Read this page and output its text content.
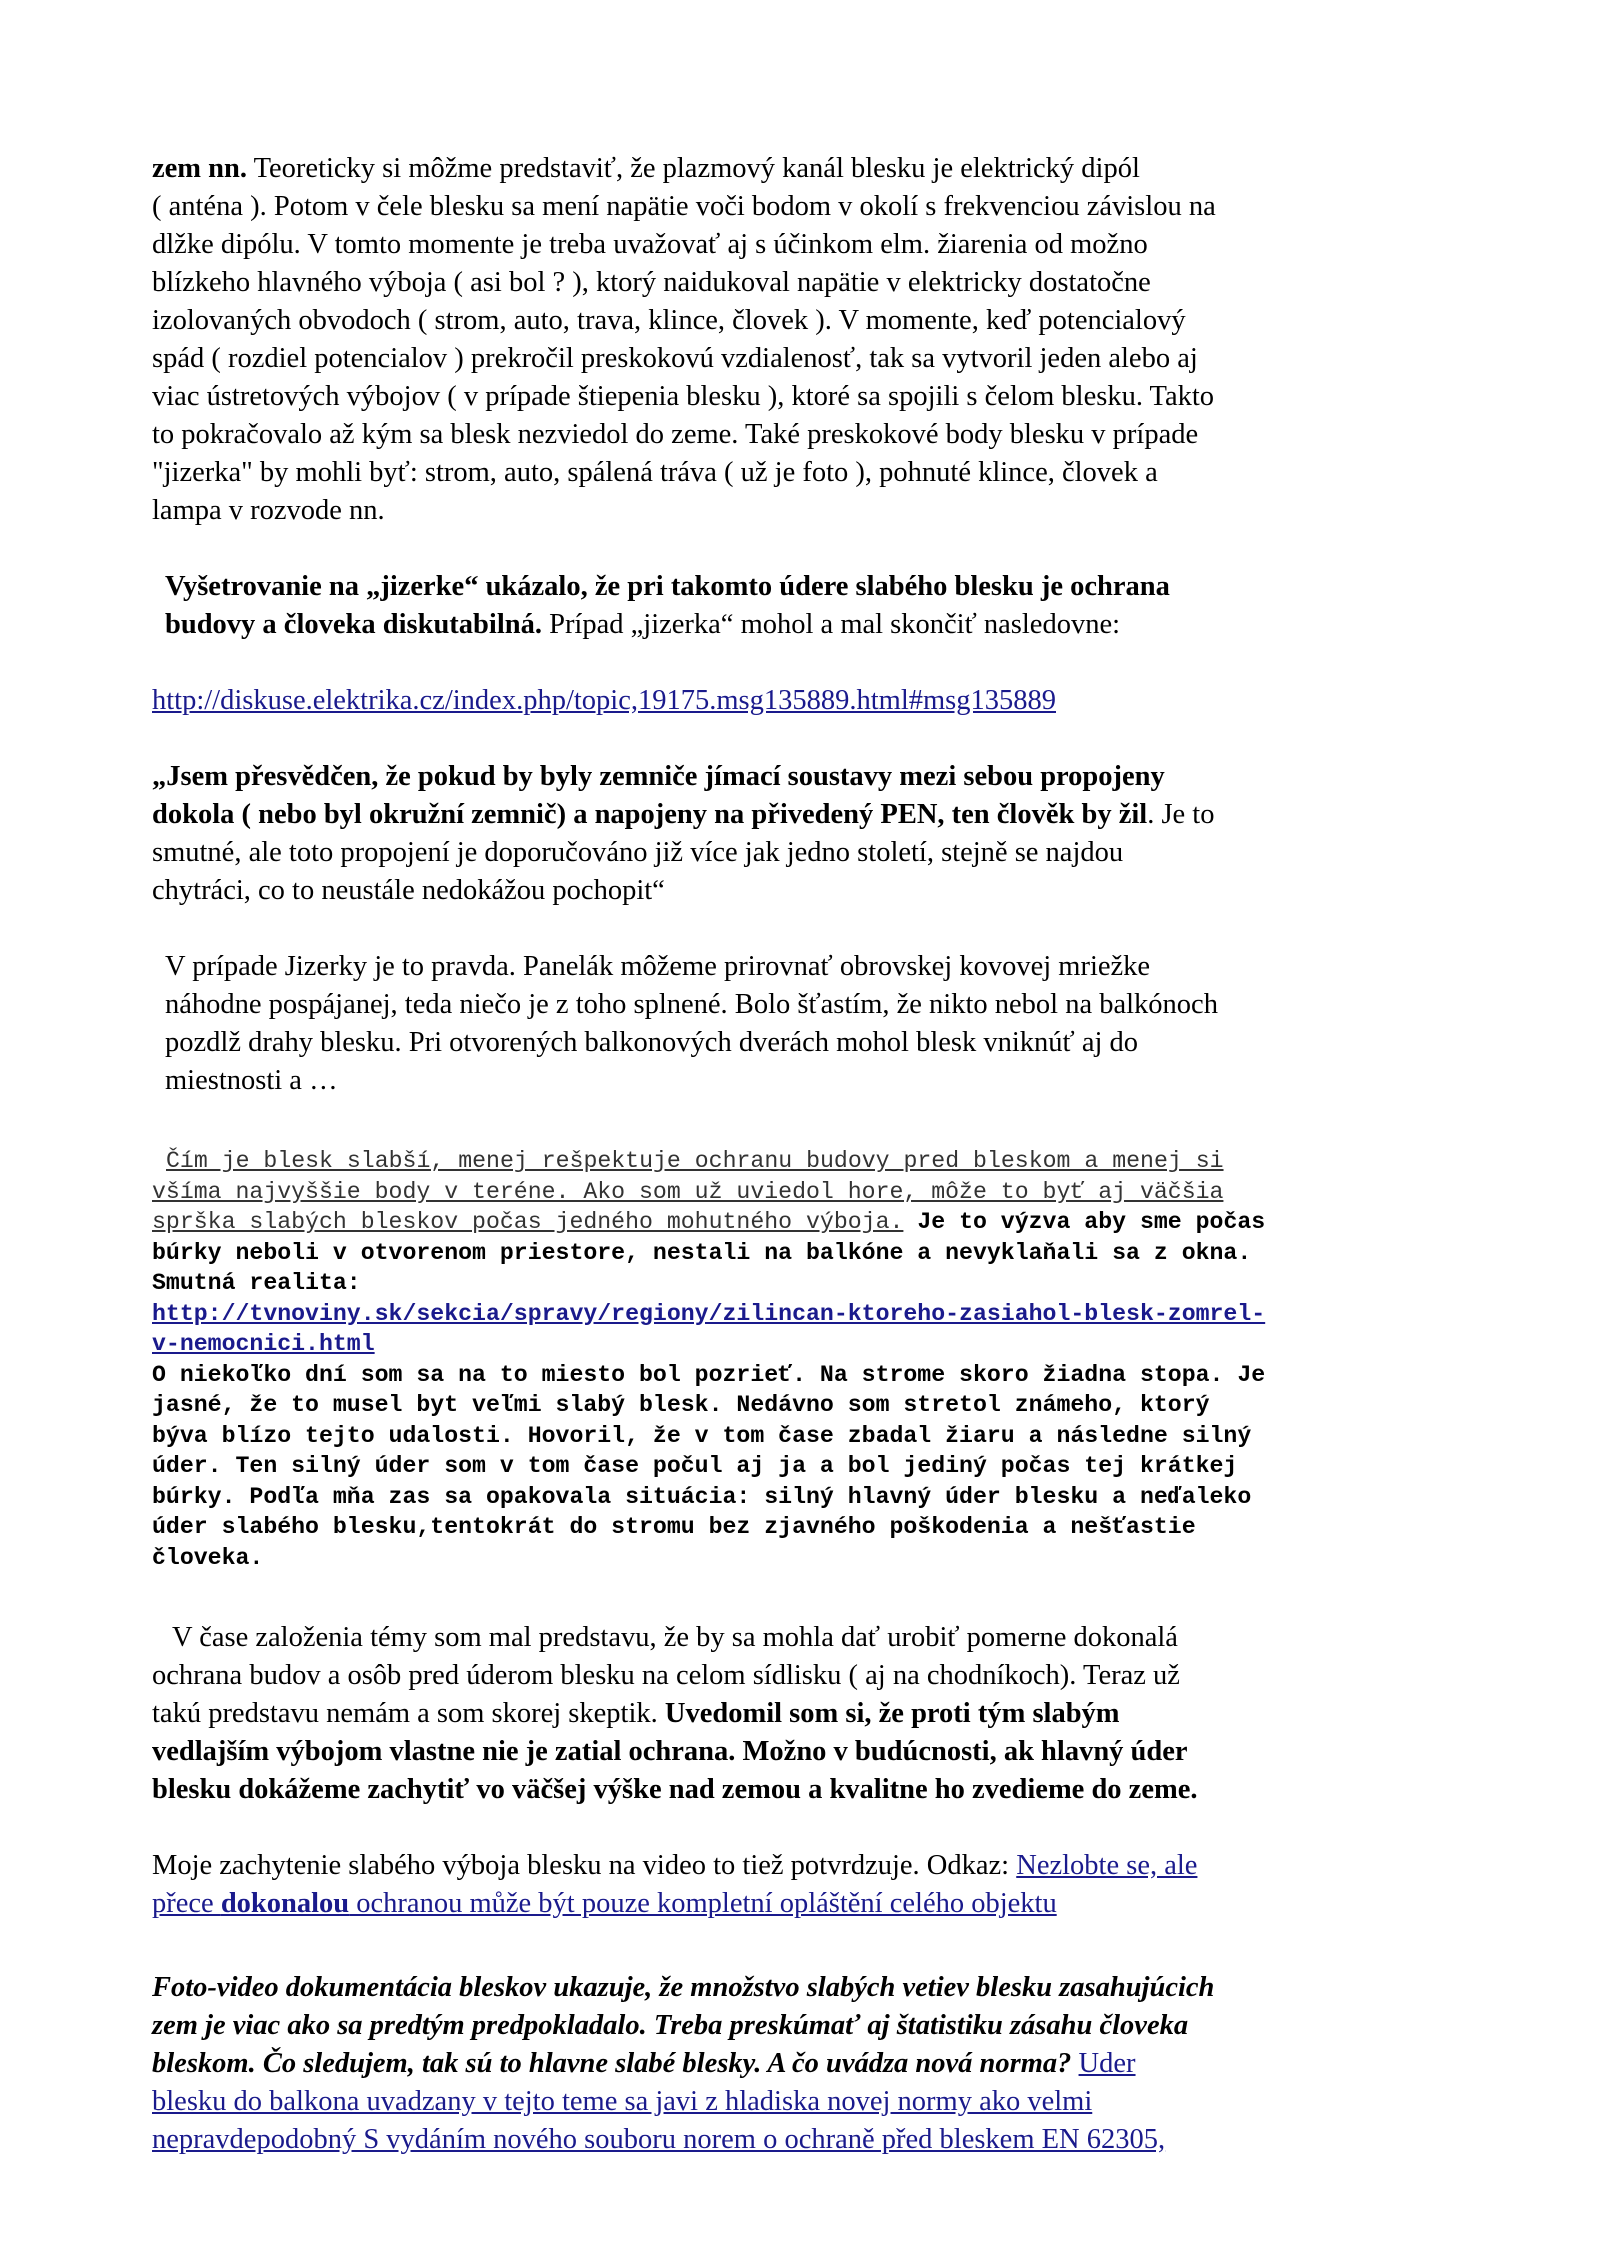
zem nn. Teoreticky si môžme predstaviť, že plazmový kanál blesku je elektrický dipól
( anténa ). Potom v čele blesku sa mení napätie voči bodom v okolí s frekvenciou závislou na
dlžke dipólu. V tomto momente je treba uvažovať aj s účinkom elm. žiarenia od možno
blízkeho hlavného výboja ( asi bol ? ), ktorý naidukoval napätie v elektricky dostatočne
izolovaných obvodoch ( strom, auto, trava, klince, človek ). V momente, keď potencialový
spád ( rozdiel potencialov ) prekročil preskokovú vzdialenosť, tak sa vytvoril jeden alebo aj
viac ústretových výbojov ( v prípade štiepenia blesku ), ktoré sa spojili s čelom blesku. Takto
to pokračovalo až kým sa blesk nezviedol do zeme. Také preskokové body blesku v prípade
"jizerka" by mohli byť: strom, auto, spálená tráva ( už je foto ), pohnuté klince, človek a
lampa v rozvode nn.

Vyšetrovanie na „jizerke“ ukázalo, že pri takomto údere slabého blesku je ochrana
budovy a človeka diskutabilná. Prípad „jizerka“ mohol a mal skončiť nasledovne:

http://diskuse.elektrika.cz/index.php/topic,19175.msg135889.html#msg135889

„Jsem přesvědčen, že pokud by byly zemniče jímací soustavy mezi sebou propojeny
dokola ( nebo byl okružní zemnič) a napojeny na přivedený PEN, ten člověk by žil. Je to
smutné, ale toto propojení je doporučováno již více jak jedno století, stejně se najdou
chytráci, co to neustále nedokážou pochopit“

V prípade Jizerky je to pravda. Panelák môžeme prirovnať obrovskej kovovej mriežke
náhodne pospájanej, teda niečo je z toho splnené. Bolo šťastím, že nikto nebol na balkónoch
pozdlž drahy blesku. Pri otvorených balkonových dverách mohol blesk vniknúť aj do
miestnosti a …

Čím je blesk slabší, menej rešpektuje ochranu budovy pred bleskom a menej si
všíma najvyššie body v teréne. Ako som už uviedol hore, môže to byť aj väčšia
sprška slabých bleskov počas jedného mohutného výboja. Je to výzva aby sme počas
búrky neboli v otvorenom priestore, nestali na balkóne a nevyklaňali sa z okna.
Smutná realita:
http://tvnoviny.sk/sekcia/spravy/regiony/zilincan-ktoreho-zasiahol-blesk-zomrel-
v-nemocnici.html
O niekoľko dní som sa na to miesto bol pozrieť. Na strome skoro žiadna stopa. Je
jasné, že to musel byt veľmi slabý blesk. Nedávno som stretol známeho, ktorý
býva blízo tejto udalosti. Hovoril, že v tom čase zbadal žiaru a následne silný
úder. Ten silný úder som v tom čase počul aj ja a bol jediný počas tej krátkej
búrky. Podľa mňa zas sa opakovala situácia: silný hlavný úder blesku a neďaleko
úder slabého blesku,tentokrát do stromu bez zjavného poškodenia a nešťastie
človeka.

V čase založenia témy som mal predstavu, že by sa mohla dať urobiť pomerne dokonalá
ochrana budov a osôb pred úderom blesku na celom sídlisku ( aj na chodníkoch). Teraz už
takú predstavu nemám a som skorej skeptik. Uvedomil som si, že proti tým slabým
vedlajším výbojom vlastne nie je zatial ochrana. Možno v budúcnosti, ak hlavný úder
blesku dokážeme zachytiť vo väčšej výške nad zemou a kvalitne ho zvedieme do zeme.

Moje zachytenie slabého výboja blesku na video to tiež potvrdzuje. Odkaz: Nezlobte se, ale
přece dokonalou ochranou může být pouze kompletní opláštění celého objektu

Foto-video dokumentácia bleskov ukazuje, že množstvo slabých vetiev blesku zasahujúcich
zem je viac ako sa predtým predpokladalo. Treba preskúmať aj štatistiku zásahu človeka
bleskom. Čo sledujem, tak sú to hlavne slabé blesky. A čo uvádza nová norma? Uder
blesku do balkona uvadzany v tejto teme sa javi z hladiska novej normy ako velmi
nepravdepodobný S vydáním nového souboru norem o ochraně před bleskem EN 62305,
